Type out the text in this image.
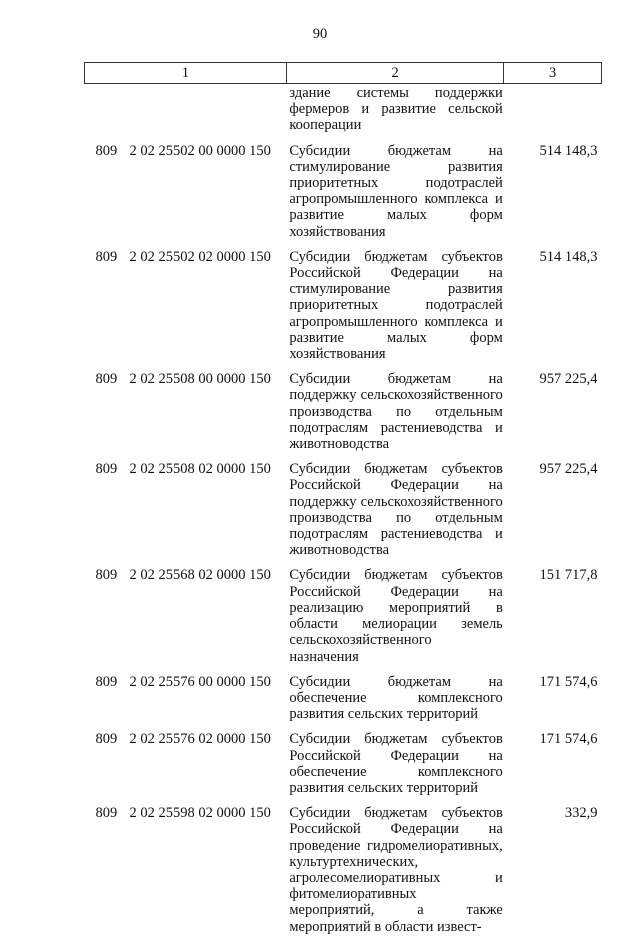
90
1	2	3
	здание системы поддержки фермеров и развитие сельской кооперации	
809 2 02 25502 00 0000 150	Субсидии бюджетам на стимулирование развития приоритетных подотраслей агропромышленного комплекса и развитие малых форм хозяйствования	514 148,3
809 2 02 25502 02 0000 150	Субсидии бюджетам субъектов Российской Федерации на стимулирование развития приоритетных подотраслей агропромышленного комплекса и развитие малых форм хозяйствования	514 148,3
809 2 02 25508 00 0000 150	Субсидии бюджетам на поддержку сельскохозяйственного производства по отдельным подотраслям растениеводства и животноводства	957 225,4
809 2 02 25508 02 0000 150	Субсидии бюджетам субъектов Российской Федерации на поддержку сельскохозяйственного производства по отдельным подотраслям растениеводства и животноводства	957 225,4
809 2 02 25568 02 0000 150	Субсидии бюджетам субъектов Российской Федерации на реализацию мероприятий в области мелиорации земель сельскохозяйственного назначения	151 717,8
809 2 02 25576 00 0000 150	Субсидии бюджетам на обеспечение комплексного развития сельских территорий	171 574,6
809 2 02 25576 02 0000 150	Субсидии бюджетам субъектов Российской Федерации на обеспечение комплексного развития сельских территорий	171 574,6
809 2 02 25598 02 0000 150	Субсидии бюджетам субъектов Российской Федерации на проведение гидромелиоративных, культуртехнических, агролесомелиоративных и фитомелиоративных мероприятий, а также мероприятий в области извест-	332,9
